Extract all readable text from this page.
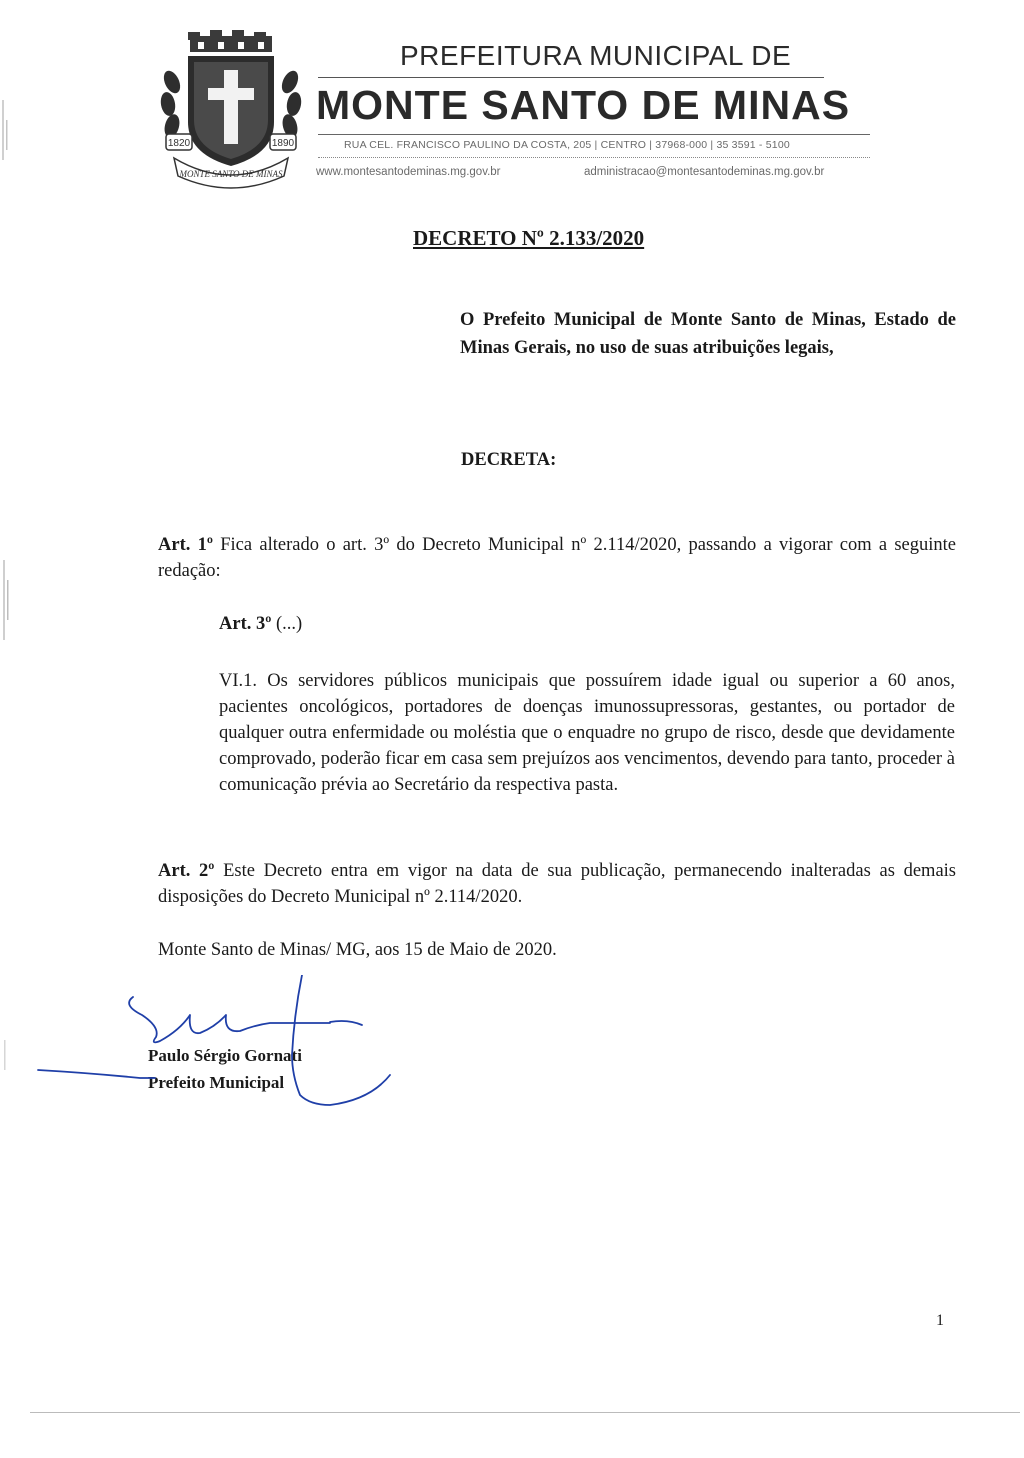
1820	1890
MONTE SANTO DE MINAS
PREFEITURA MUNICIPAL DE
MONTE SANTO DE MINAS
RUA CEL. FRANCISCO PAULINO DA COSTA, 205 | CENTRO | 37968-000 | 35 3591 - 5100
www.montesantodeminas.mg.gov.br	administracao@montesantodeminas.mg.gov.br
DECRETO Nº 2.133/2020
O Prefeito Municipal de Monte Santo de Minas, Estado de Minas Gerais, no uso de suas atribuições legais,
DECRETA:
Art. 1º Fica alterado o art. 3º do Decreto Municipal nº 2.114/2020, passando a vigorar com a seguinte redação:
Art. 3º (...)
VI.1. Os servidores públicos municipais que possuírem idade igual ou superior a 60 anos, pacientes oncológicos, portadores de doenças imunossupressoras, gestantes, ou portador de qualquer outra enfermidade ou moléstia que o enquadre no grupo de risco, desde que devidamente comprovado, poderão ficar em casa sem prejuízos aos vencimentos, devendo para tanto, proceder à comunicação prévia ao Secretário da respectiva pasta.
Art. 2º Este Decreto entra em vigor na data de sua publicação, permanecendo inalteradas as demais disposições do Decreto Municipal nº 2.114/2020.
Monte Santo de Minas/ MG, aos 15 de Maio de 2020.
Paulo Sérgio Gornati
Prefeito Municipal
1
